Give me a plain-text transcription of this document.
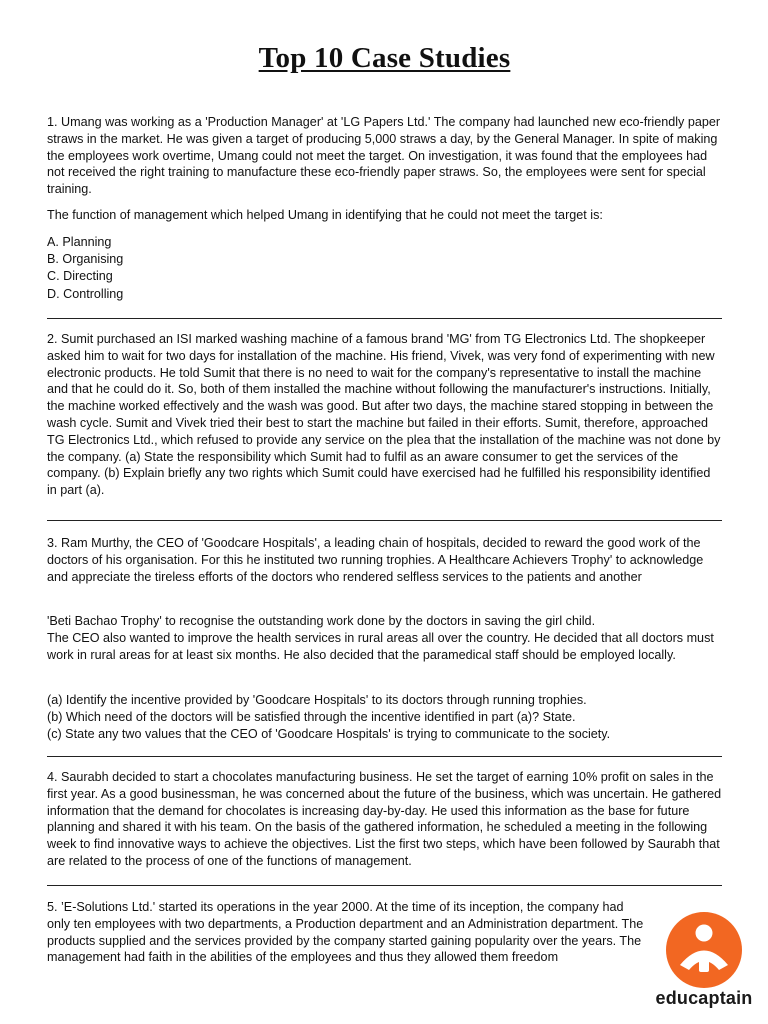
Top 10 Case Studies

1. Umang was working as a 'Production Manager' at 'LG Papers Ltd.' The company had launched new eco-friendly paper straws in the market. He was given a target of producing 5,000 straws a day, by the General Manager. In spite of making the employees work overtime, Umang could not meet the target. On investigation, it was found that the employees had not received the right training to manufacture these eco-friendly paper straws. So, the employees were sent for special training.

The function of management which helped Umang in identifying that he could not meet the target is:

A. Planning
B. Organising
C. Directing
D. Controlling

2. Sumit purchased an ISI marked washing machine of a famous brand 'MG' from TG Electronics Ltd. The shopkeeper asked him to wait for two days for installation of the machine. His friend, Vivek, was very fond of experimenting with new electronic products. He told Sumit that there is no need to wait for the company's representative to install the machine and that he could do it. So, both of them installed the machine without following the manufacturer's instructions. Initially, the machine worked effectively and the wash was good. But after two days, the machine stared stopping in between the wash cycle. Sumit and Vivek tried their best to start the machine but failed in their efforts. Sumit, therefore, approached TG Electronics Ltd., which refused to provide any service on the plea that the installation of the machine was not done by the company. (a) State the responsibility which Sumit had to fulfil as an aware consumer to get the services of the company. (b) Explain briefly any two rights which Sumit could have exercised had he fulfilled his responsibility identified in part (a).

3. Ram Murthy, the CEO of 'Goodcare Hospitals', a leading chain of hospitals, decided to reward the good work of the doctors of his organisation. For this he instituted two running trophies. A Healthcare Achievers Trophy' to acknowledge and appreciate the tireless efforts of the doctors who rendered selfless services to the patients and another

'Beti Bachao Trophy' to recognise the outstanding work done by the doctors in saving the girl child.

The CEO also wanted to improve the health services in rural areas all over the country. He decided that all doctors must work in rural areas for at least six months. He also decided that the paramedical staff should be employed locally.

(a) Identify the incentive provided by 'Goodcare Hospitals' to its doctors through running trophies.
(b) Which need of the doctors will be satisfied through the incentive identified in part (a)? State.
(c) State any two values that the CEO of 'Goodcare Hospitals' is trying to communicate to the society.

4. Saurabh decided to start a chocolates manufacturing business. He set the target of earning 10% profit on sales in the first year. As a good businessman, he was concerned about the future of the business, which was uncertain. He gathered information that the demand for chocolates is increasing day-by-day. He used this information as the base for future planning and shared it with his team. On the basis of the gathered information, he scheduled a meeting in the following week to find innovative ways to achieve the objectives. List the first two steps, which have been followed by Saurabh that are related to the process of one of the functions of management.

5. ’E-Solutions Ltd.' started its operations in the year 2000. At the time of its inception, the company had only ten employees with two departments, a Production department and an Administration department. The products supplied and the services provided by the company started gaining popularity over the years. The management had faith in the abilities of the employees and thus they allowed them freedom

educaptain
